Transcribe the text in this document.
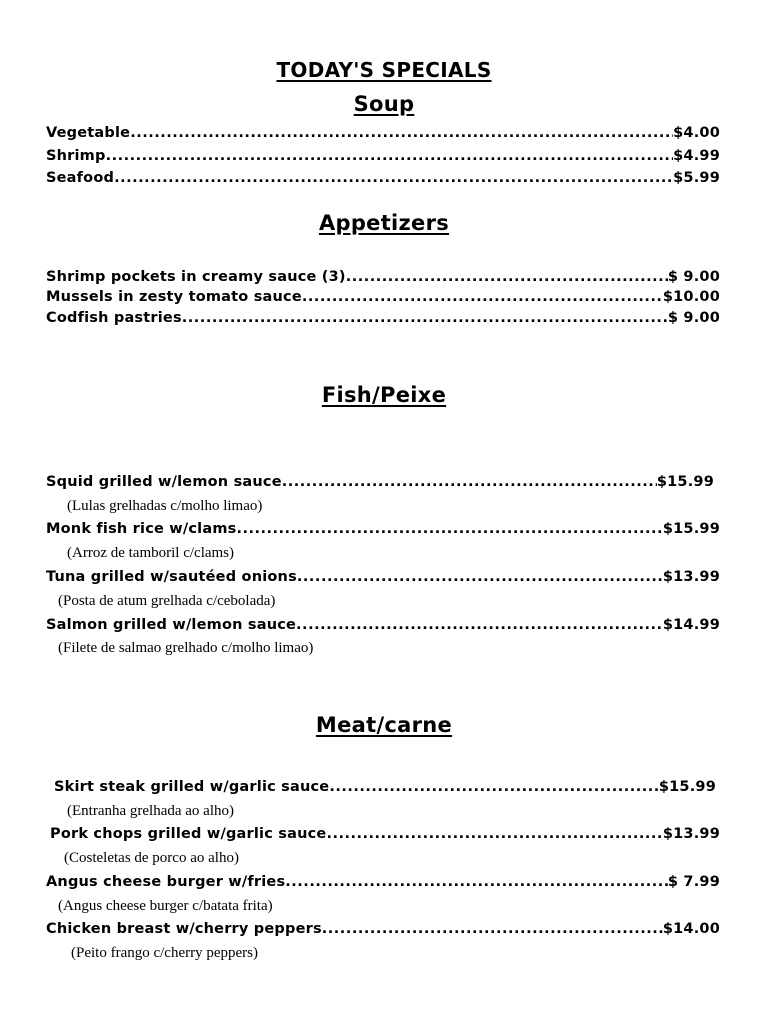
TODAY'S SPECIALS
Soup
Vegetable .....	$4.00
Shrimp .....	$4.99
Seafood .....	$5.99
Appetizers
Shrimp pockets in creamy sauce (3) .....	$ 9.00
Mussels in zesty tomato sauce .....	$10.00
Codfish pastries .....	$ 9.00
Fish/Peixe
Squid grilled w/lemon sauce .....	$15.99
(Lulas grelhadas c/molho limao)
Monk fish rice w/clams .....	$15.99
(Arroz de tamboril c/clams)
Tuna grilled w/sautéed onions .....	$13.99
(Posta de atum grelhada c/cebolada)
Salmon grilled w/lemon sauce .....	$14.99
(Filete de salmao grelhado c/molho limao)
Meat/carne
Skirt steak grilled w/garlic sauce .....	$15.99
(Entranha grelhada ao alho)
Pork chops grilled w/garlic sauce .....	$13.99
(Costeletas de porco ao alho)
Angus cheese burger w/fries .....	$ 7.99
(Angus cheese burger c/batata frita)
Chicken breast w/cherry peppers .....	$14.00
(Peito frango c/cherry peppers)
